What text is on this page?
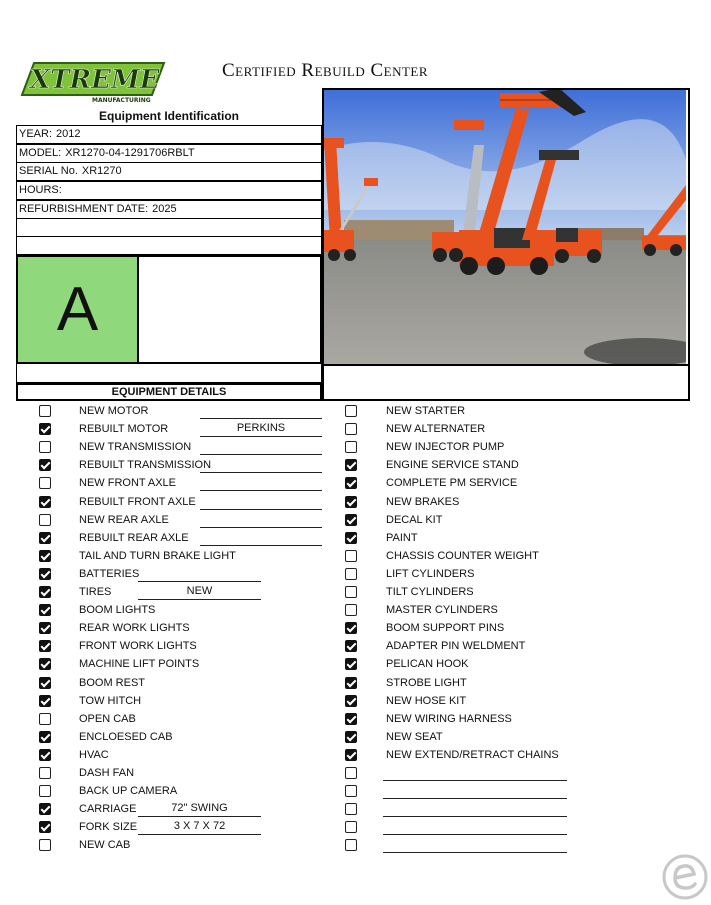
XTREME
MANUFACTURING
Certified Rebuild Center
Equipment Identification
YEAR: 2012
MODEL: XR1270-04-1291706RBLT
SERIAL No. XR1270
HOURS:
REFURBISHMENT DATE: 2025
A
EQUIPMENT DETAILS
NEW MOTOR
REBUILT MOTOR	PERKINS
NEW TRANSMISSION
REBUILT TRANSMISSION
NEW FRONT AXLE
REBUILT FRONT AXLE
NEW REAR AXLE
REBUILT REAR AXLE
TAIL AND TURN BRAKE LIGHT
BATTERIES
TIRES	NEW
BOOM LIGHTS
REAR WORK LIGHTS
FRONT WORK LIGHTS
MACHINE LIFT POINTS
BOOM REST
TOW HITCH
OPEN CAB
ENCLOESED CAB
HVAC
DASH FAN
BACK UP CAMERA
CARRIAGE	72" SWING
FORK SIZE	3 X 7 X 72
NEW CAB
NEW STARTER
NEW ALTERNATER
NEW INJECTOR PUMP
ENGINE SERVICE STAND
COMPLETE PM SERVICE
NEW BRAKES
DECAL KIT
PAINT
CHASSIS COUNTER WEIGHT
LIFT CYLINDERS
TILT CYLINDERS
MASTER CYLINDERS
BOOM SUPPORT PINS
ADAPTER PIN WELDMENT
PELICAN HOOK
STROBE LIGHT
NEW HOSE KIT
NEW WIRING HARNESS
NEW SEAT
NEW EXTEND/RETRACT CHAINS
